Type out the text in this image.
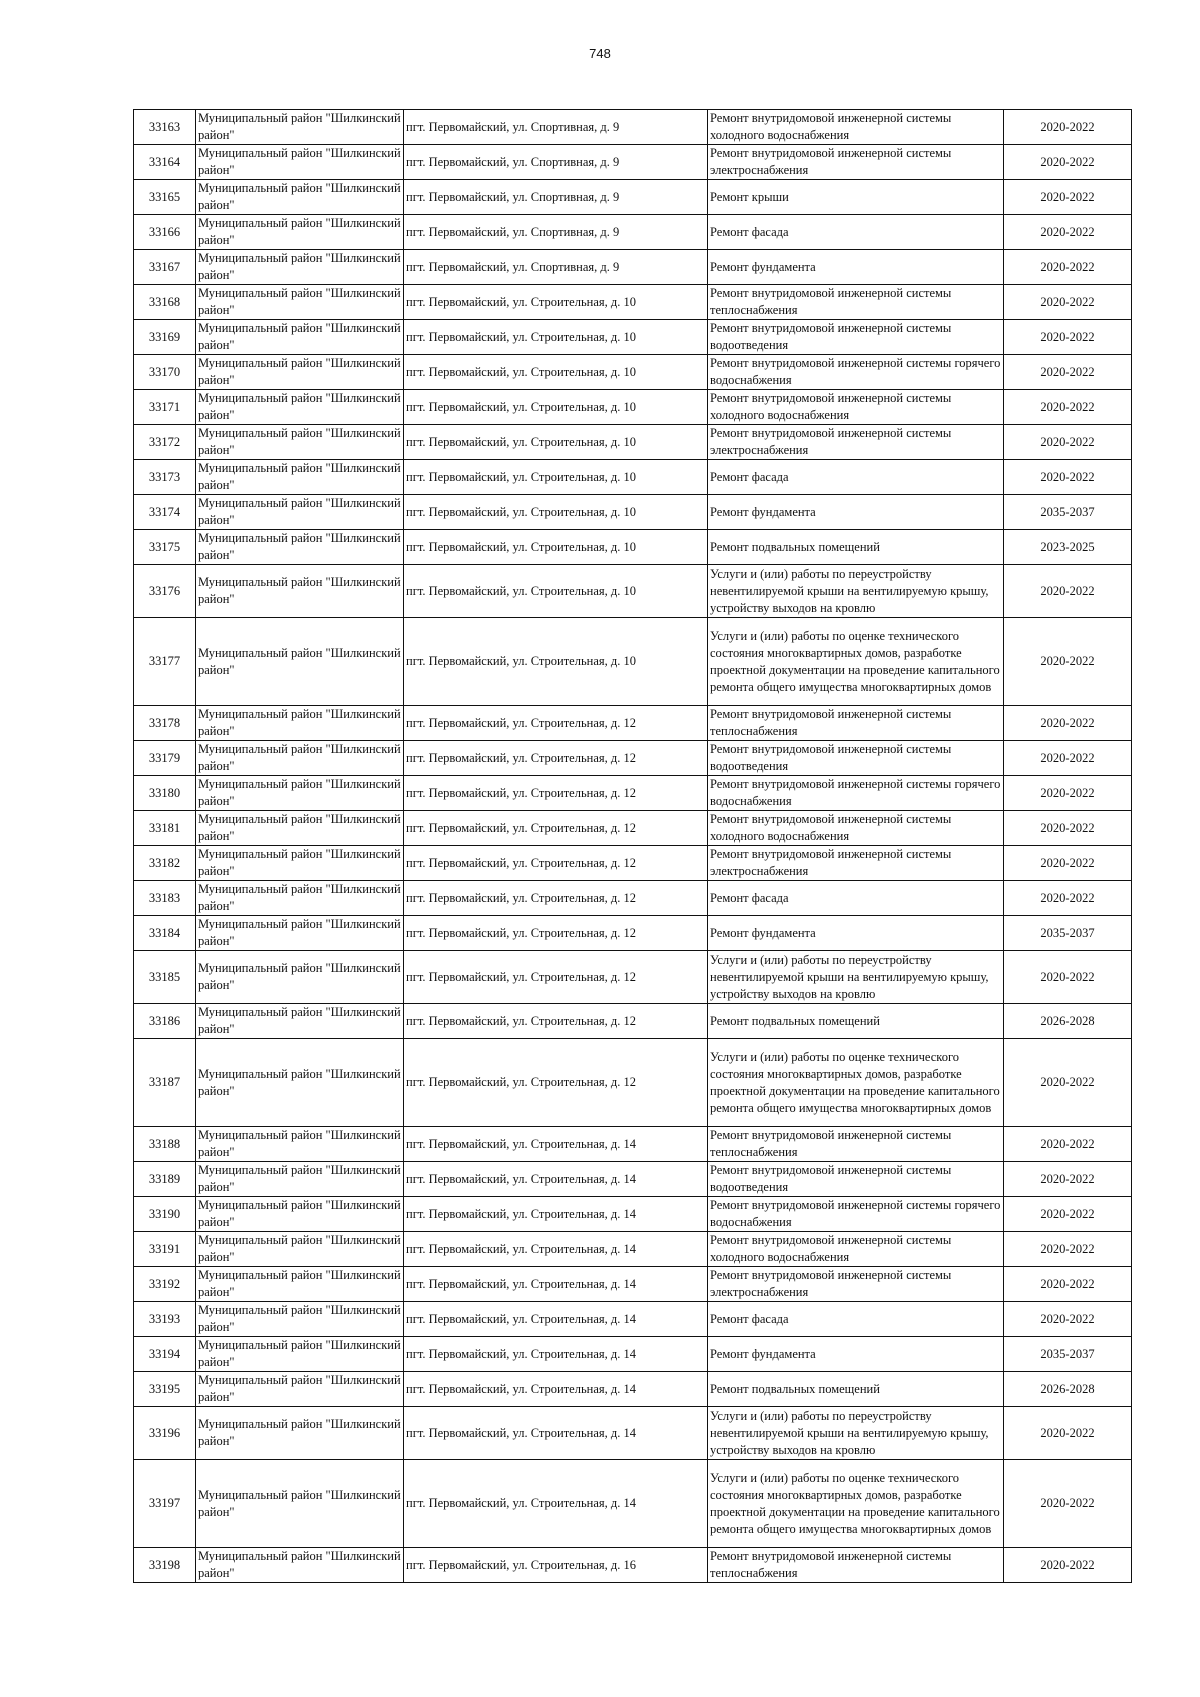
748
33163	Муниципальный район "Шилкинский район"	пгт. Первомайский, ул. Спортивная, д. 9	Ремонт внутридомовой инженерной системы холодного водоснабжения	2020-2022
33164	Муниципальный район "Шилкинский район"	пгт. Первомайский, ул. Спортивная, д. 9	Ремонт внутридомовой инженерной системы электроснабжения	2020-2022
33165	Муниципальный район "Шилкинский район"	пгт. Первомайский, ул. Спортивная, д. 9	Ремонт крыши	2020-2022
33166	Муниципальный район "Шилкинский район"	пгт. Первомайский, ул. Спортивная, д. 9	Ремонт фасада	2020-2022
33167	Муниципальный район "Шилкинский район"	пгт. Первомайский, ул. Спортивная, д. 9	Ремонт фундамента	2020-2022
33168	Муниципальный район "Шилкинский район"	пгт. Первомайский, ул. Строительная, д. 10	Ремонт внутридомовой инженерной системы теплоснабжения	2020-2022
33169	Муниципальный район "Шилкинский район"	пгт. Первомайский, ул. Строительная, д. 10	Ремонт внутридомовой инженерной системы водоотведения	2020-2022
33170	Муниципальный район "Шилкинский район"	пгт. Первомайский, ул. Строительная, д. 10	Ремонт внутридомовой инженерной системы горячего водоснабжения	2020-2022
33171	Муниципальный район "Шилкинский район"	пгт. Первомайский, ул. Строительная, д. 10	Ремонт внутридомовой инженерной системы холодного водоснабжения	2020-2022
33172	Муниципальный район "Шилкинский район"	пгт. Первомайский, ул. Строительная, д. 10	Ремонт внутридомовой инженерной системы электроснабжения	2020-2022
33173	Муниципальный район "Шилкинский район"	пгт. Первомайский, ул. Строительная, д. 10	Ремонт фасада	2020-2022
33174	Муниципальный район "Шилкинский район"	пгт. Первомайский, ул. Строительная, д. 10	Ремонт фундамента	2035-2037
33175	Муниципальный район "Шилкинский район"	пгт. Первомайский, ул. Строительная, д. 10	Ремонт подвальных помещений	2023-2025
33176	Муниципальный район "Шилкинский район"	пгт. Первомайский, ул. Строительная, д. 10	Услуги и (или) работы по переустройству невентилируемой крыши на вентилируемую крышу, устройству выходов на кровлю	2020-2022
33177	Муниципальный район "Шилкинский район"	пгт. Первомайский, ул. Строительная, д. 10	Услуги и (или) работы по оценке технического состояния многоквартирных домов, разработке проектной документации на проведение капитального ремонта общего имущества многоквартирных домов	2020-2022
33178	Муниципальный район "Шилкинский район"	пгт. Первомайский, ул. Строительная, д. 12	Ремонт внутридомовой инженерной системы теплоснабжения	2020-2022
33179	Муниципальный район "Шилкинский район"	пгт. Первомайский, ул. Строительная, д. 12	Ремонт внутридомовой инженерной системы водоотведения	2020-2022
33180	Муниципальный район "Шилкинский район"	пгт. Первомайский, ул. Строительная, д. 12	Ремонт внутридомовой инженерной системы горячего водоснабжения	2020-2022
33181	Муниципальный район "Шилкинский район"	пгт. Первомайский, ул. Строительная, д. 12	Ремонт внутридомовой инженерной системы холодного водоснабжения	2020-2022
33182	Муниципальный район "Шилкинский район"	пгт. Первомайский, ул. Строительная, д. 12	Ремонт внутридомовой инженерной системы электроснабжения	2020-2022
33183	Муниципальный район "Шилкинский район"	пгт. Первомайский, ул. Строительная, д. 12	Ремонт фасада	2020-2022
33184	Муниципальный район "Шилкинский район"	пгт. Первомайский, ул. Строительная, д. 12	Ремонт фундамента	2035-2037
33185	Муниципальный район "Шилкинский район"	пгт. Первомайский, ул. Строительная, д. 12	Услуги и (или) работы по переустройству невентилируемой крыши на вентилируемую крышу, устройству выходов на кровлю	2020-2022
33186	Муниципальный район "Шилкинский район"	пгт. Первомайский, ул. Строительная, д. 12	Ремонт подвальных помещений	2026-2028
33187	Муниципальный район "Шилкинский район"	пгт. Первомайский, ул. Строительная, д. 12	Услуги и (или) работы по оценке технического состояния многоквартирных домов, разработке проектной документации на проведение капитального ремонта общего имущества многоквартирных домов	2020-2022
33188	Муниципальный район "Шилкинский район"	пгт. Первомайский, ул. Строительная, д. 14	Ремонт внутридомовой инженерной системы теплоснабжения	2020-2022
33189	Муниципальный район "Шилкинский район"	пгт. Первомайский, ул. Строительная, д. 14	Ремонт внутридомовой инженерной системы водоотведения	2020-2022
33190	Муниципальный район "Шилкинский район"	пгт. Первомайский, ул. Строительная, д. 14	Ремонт внутридомовой инженерной системы горячего водоснабжения	2020-2022
33191	Муниципальный район "Шилкинский район"	пгт. Первомайский, ул. Строительная, д. 14	Ремонт внутридомовой инженерной системы холодного водоснабжения	2020-2022
33192	Муниципальный район "Шилкинский район"	пгт. Первомайский, ул. Строительная, д. 14	Ремонт внутридомовой инженерной системы электроснабжения	2020-2022
33193	Муниципальный район "Шилкинский район"	пгт. Первомайский, ул. Строительная, д. 14	Ремонт фасада	2020-2022
33194	Муниципальный район "Шилкинский район"	пгт. Первомайский, ул. Строительная, д. 14	Ремонт фундамента	2035-2037
33195	Муниципальный район "Шилкинский район"	пгт. Первомайский, ул. Строительная, д. 14	Ремонт подвальных помещений	2026-2028
33196	Муниципальный район "Шилкинский район"	пгт. Первомайский, ул. Строительная, д. 14	Услуги и (или) работы по переустройству невентилируемой крыши на вентилируемую крышу, устройству выходов на кровлю	2020-2022
33197	Муниципальный район "Шилкинский район"	пгт. Первомайский, ул. Строительная, д. 14	Услуги и (или) работы по оценке технического состояния многоквартирных домов, разработке проектной документации на проведение капитального ремонта общего имущества многоквартирных домов	2020-2022
33198	Муниципальный район "Шилкинский район"	пгт. Первомайский, ул. Строительная, д. 16	Ремонт внутридомовой инженерной системы теплоснабжения	2020-2022
